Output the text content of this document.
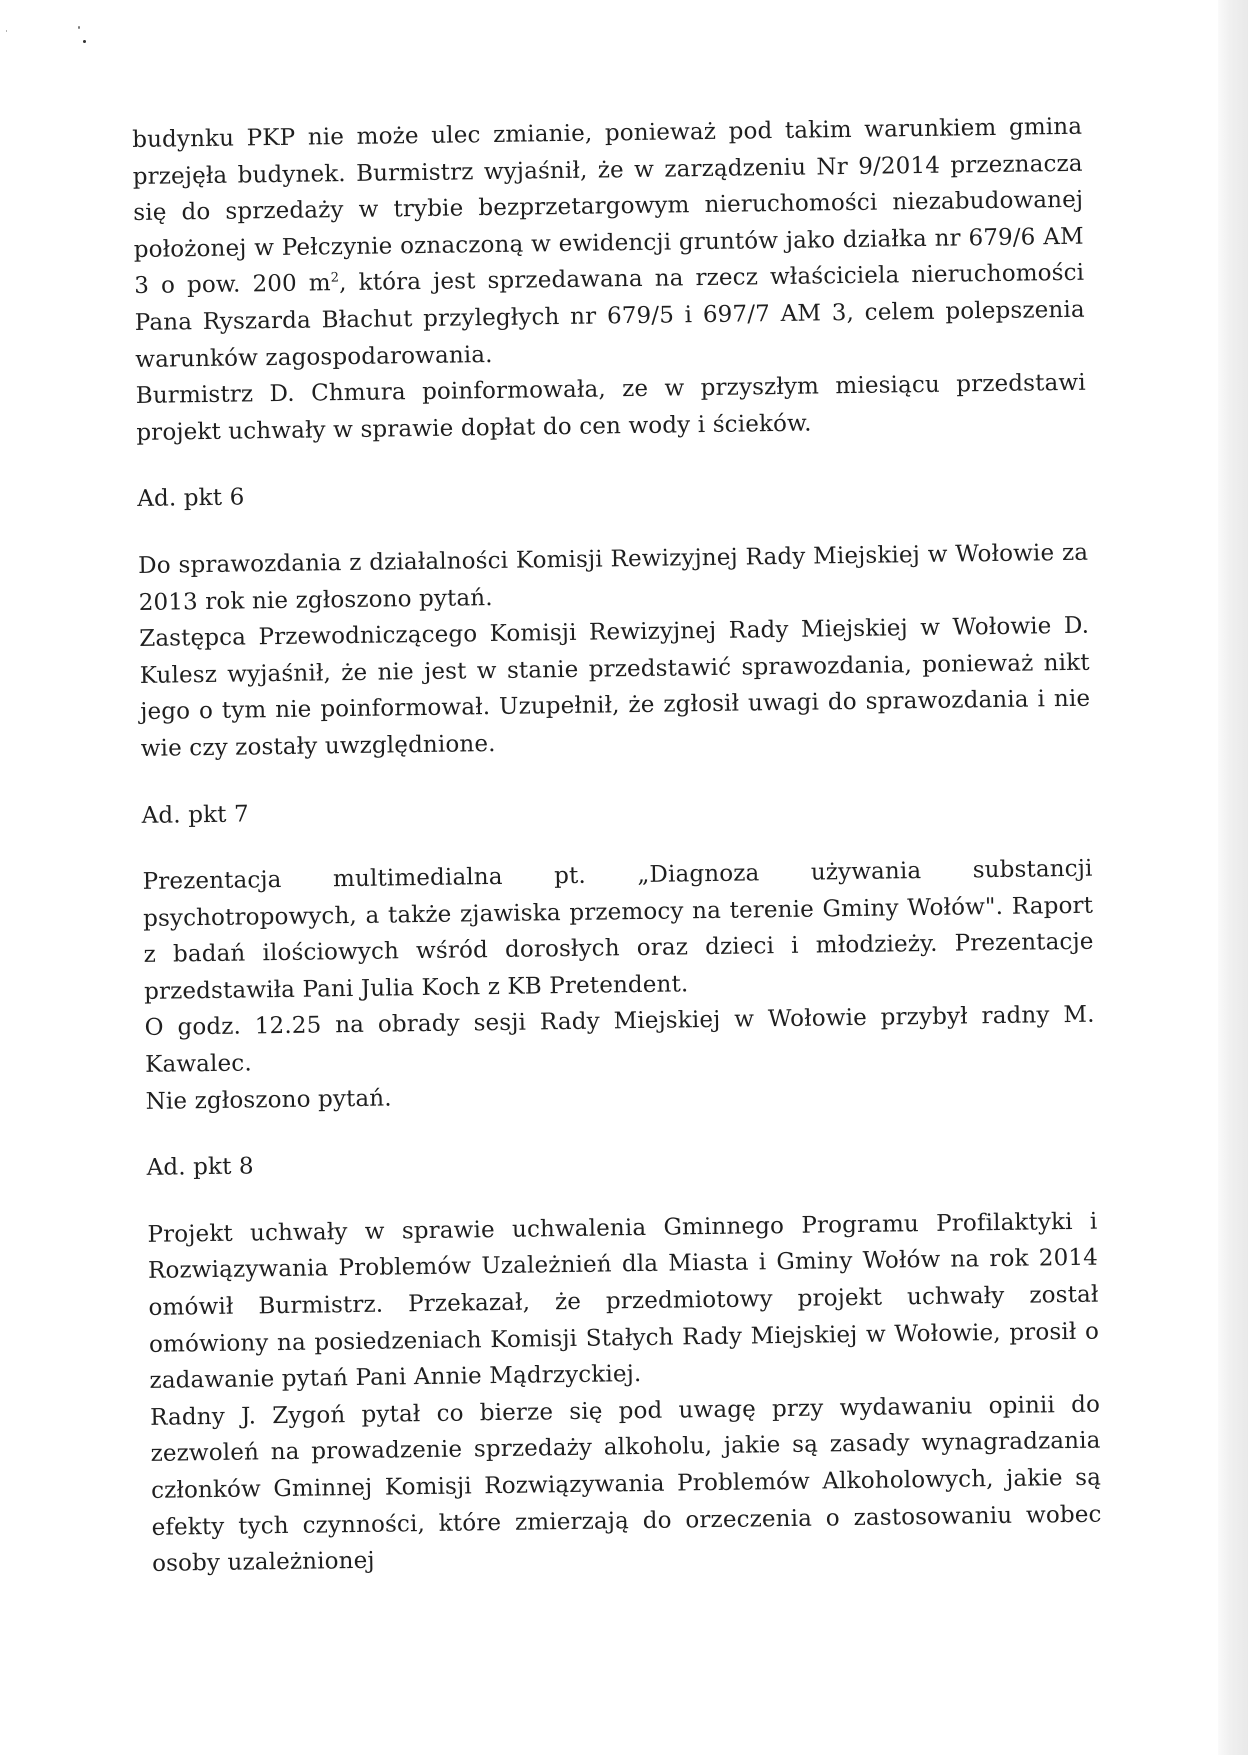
budynku PKP nie może ulec zmianie, ponieważ pod takim warunkiem gmina przejęła budynek. Burmistrz wyjaśnił, że w zarządzeniu Nr 9/2014 przeznacza się do sprzedaży w trybie bezprzetargowym nieruchomości niezabudowanej położonej w Pełczynie oznaczoną w ewidencji gruntów jako działka nr 679/6 AM 3 o pow. 200 $m^2$, która jest sprzedawana na rzecz właściciela nieruchomości Pana Ryszarda Błachut przyległych nr 679/5 i 697/7 AM 3, celem polepszenia warunków zagospodarowania.

Burmistrz D. Chmura poinformowała, ze w przyszłym miesiącu przedstawi projekt uchwały w sprawie dopłat do cen wody i ścieków.

Ad. pkt 6

Do sprawozdania z działalności Komisji Rewizyjnej Rady Miejskiej w Wołowie za 2013 rok nie zgłoszono pytań.

Zastępca Przewodniczącego Komisji Rewizyjnej Rady Miejskiej w Wołowie D. Kulesz wyjaśnił, że nie jest w stanie przedstawić sprawozdania, ponieważ nikt jego o tym nie poinformował. Uzupełnił, że zgłosił uwagi do sprawozdania i nie wie czy zostały uwzględnione.

Ad. pkt 7

Prezentacja multimedialna pt. „Diagnoza używania substancji psychotropowych, a także zjawiska przemocy na terenie Gminy Wołów". Raport z badań ilościowych wśród dorosłych oraz dzieci i młodzieży. Prezentacje przedstawiła Pani Julia Koch z KB Pretendent.

O godz. 12.25 na obrady sesji Rady Miejskiej w Wołowie przybył radny M. Kawalec.

Nie zgłoszono pytań.

Ad. pkt 8

Projekt uchwały w sprawie uchwalenia Gminnego Programu Profilaktyki i Rozwiązywania Problemów Uzależnień dla Miasta i Gminy Wołów na rok 2014 omówił Burmistrz. Przekazał, że przedmiotowy projekt uchwały został omówiony na posiedzeniach Komisji Stałych Rady Miejskiej w Wołowie, prosił o zadawanie pytań Pani Annie Mądrzyckiej.

Radny J. Zygoń pytał co bierze się pod uwagę przy wydawaniu opinii do zezwoleń na prowadzenie sprzedaży alkoholu, jakie są zasady wynagradzania członków Gminnej Komisji Rozwiązywania Problemów Alkoholowych, jakie są efekty tych czynności, które zmierzają do orzeczenia o zastosowaniu wobec osoby uzależnionej
